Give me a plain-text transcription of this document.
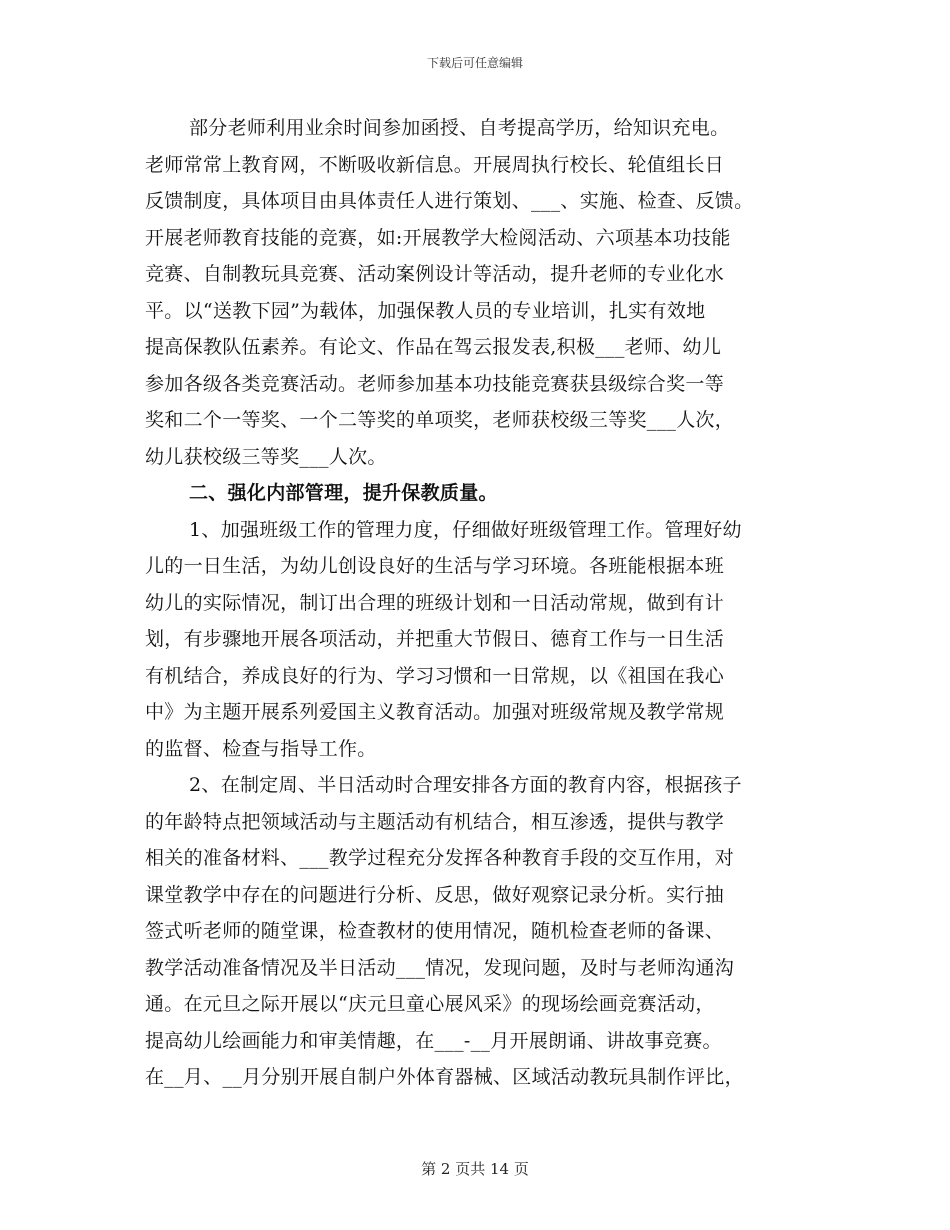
下载后可任意编辑
部分老师利用业余时间参加函授、自考提高学历，给知识充电。
老师常常上教育网，不断吸收新信息。开展周执行校长、轮值组长日
反馈制度，具体项目由具体责任人进行策划、___、实施、检查、反馈。
开展老师教育技能的竞赛，如:开展教学大检阅活动、六项基本功技能
竞赛、自制教玩具竞赛、活动案例设计等活动，提升老师的专业化水
平。以“送教下园”为载体，加强保教人员的专业培训，扎实有效地
提高保教队伍素养。有论文、作品在驾云报发表,积极___老师、幼儿
参加各级各类竞赛活动。老师参加基本功技能竞赛获县级综合奖一等
奖和二个一等奖、一个二等奖的单项奖，老师获校级三等奖___人次，
幼儿获校级三等奖___人次。
二、强化内部管理，提升保教质量。
1、加强班级工作的管理力度，仔细做好班级管理工作。管理好幼
儿的一日生活，为幼儿创设良好的生活与学习环境。各班能根据本班
幼儿的实际情况，制订出合理的班级计划和一日活动常规，做到有计
划，有步骤地开展各项活动，并把重大节假日、德育工作与一日生活
有机结合，养成良好的行为、学习习惯和一日常规，以《祖国在我心
中》为主题开展系列爱国主义教育活动。加强对班级常规及教学常规
的监督、检查与指导工作。
2、在制定周、半日活动时合理安排各方面的教育内容，根据孩子
的年龄特点把领域活动与主题活动有机结合，相互渗透，提供与教学
相关的准备材料、___教学过程充分发挥各种教育手段的交互作用，对
课堂教学中存在的问题进行分析、反思，做好观察记录分析。实行抽
签式听老师的随堂课，检查教材的使用情况，随机检查老师的备课、
教学活动准备情况及半日活动___情况，发现问题，及时与老师沟通沟
通。在元旦之际开展以“庆元旦童心展风采》的现场绘画竞赛活动，
提高幼儿绘画能力和审美情趣，在___-__月开展朗诵、讲故事竞赛。
在__月、__月分别开展自制户外体育器械、区域活动教玩具制作评比，
第 2 页共 14 页
